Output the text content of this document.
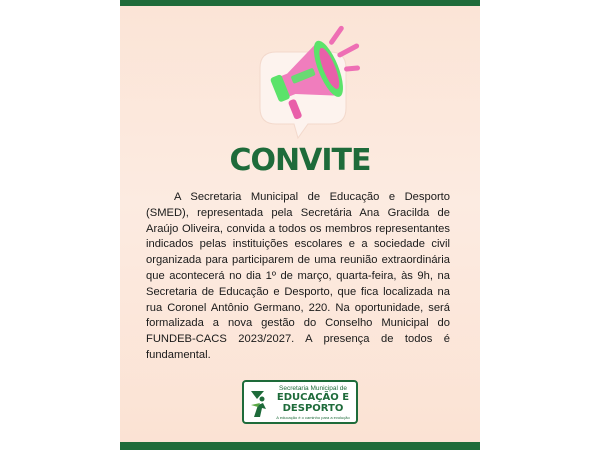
CONVITE
A Secretaria Municipal de Educação e Desporto (SMED), representada pela Secretária Ana Gracilda de Araújo Oliveira, convida a todos os membros representantes indicados pelas instituições escolares e a sociedade civil organizada para participarem de uma reunião extraordinária que acontecerá no dia 1º de março, quarta-feira, às 9h, na Secretaria de Educação e Desporto, que fica localizada na rua Coronel Antônio Germano, 220. Na oportunidade, será formalizada a nova gestão do Conselho Municipal do FUNDEB-CACS 2023/2027. A presença de todos é fundamental.
Secretaria Municipal de
EDUCAÇÃO E
DESPORTO
A educação é o caminho para a evolução
